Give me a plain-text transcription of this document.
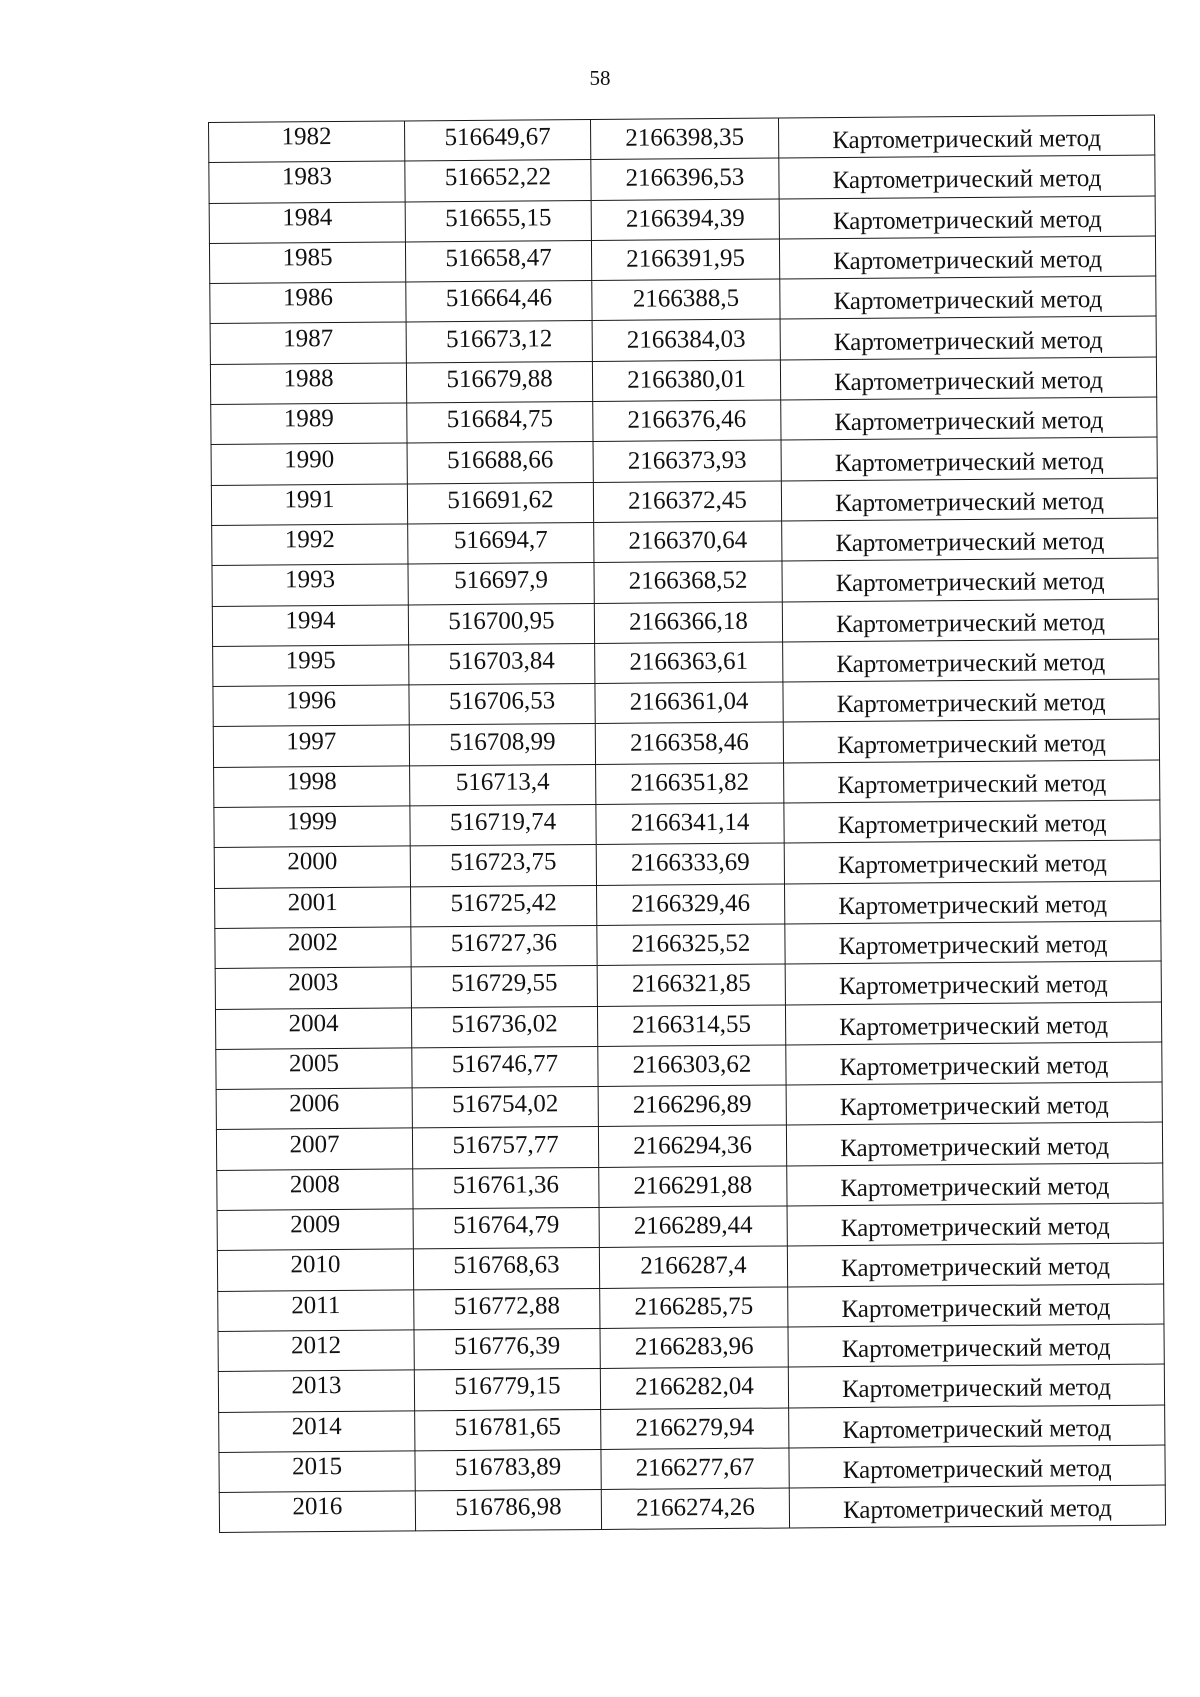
58
1982	516649,67	2166398,35	Картометрический метод
1983	516652,22	2166396,53	Картометрический метод
1984	516655,15	2166394,39	Картометрический метод
1985	516658,47	2166391,95	Картометрический метод
1986	516664,46	2166388,5	Картометрический метод
1987	516673,12	2166384,03	Картометрический метод
1988	516679,88	2166380,01	Картометрический метод
1989	516684,75	2166376,46	Картометрический метод
1990	516688,66	2166373,93	Картометрический метод
1991	516691,62	2166372,45	Картометрический метод
1992	516694,7	2166370,64	Картометрический метод
1993	516697,9	2166368,52	Картометрический метод
1994	516700,95	2166366,18	Картометрический метод
1995	516703,84	2166363,61	Картометрический метод
1996	516706,53	2166361,04	Картометрический метод
1997	516708,99	2166358,46	Картометрический метод
1998	516713,4	2166351,82	Картометрический метод
1999	516719,74	2166341,14	Картометрический метод
2000	516723,75	2166333,69	Картометрический метод
2001	516725,42	2166329,46	Картометрический метод
2002	516727,36	2166325,52	Картометрический метод
2003	516729,55	2166321,85	Картометрический метод
2004	516736,02	2166314,55	Картометрический метод
2005	516746,77	2166303,62	Картометрический метод
2006	516754,02	2166296,89	Картометрический метод
2007	516757,77	2166294,36	Картометрический метод
2008	516761,36	2166291,88	Картометрический метод
2009	516764,79	2166289,44	Картометрический метод
2010	516768,63	2166287,4	Картометрический метод
2011	516772,88	2166285,75	Картометрический метод
2012	516776,39	2166283,96	Картометрический метод
2013	516779,15	2166282,04	Картометрический метод
2014	516781,65	2166279,94	Картометрический метод
2015	516783,89	2166277,67	Картометрический метод
2016	516786,98	2166274,26	Картометрический метод
